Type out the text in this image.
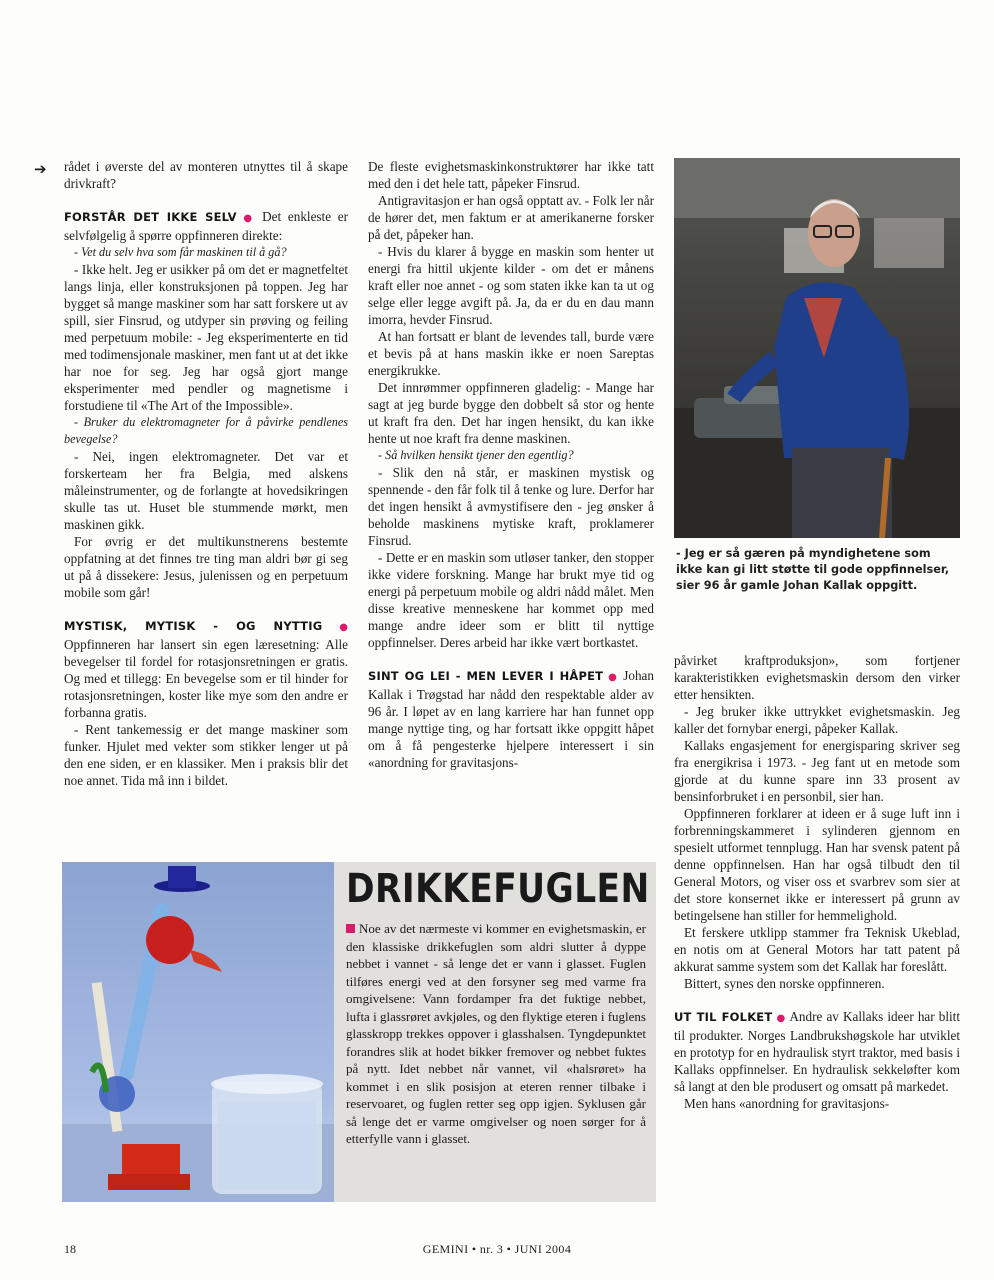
➔ rådet i øverste del av monteren utnyttes til å skape drivkraft?

FORSTÅR DET IKKE SELV ● Det enkleste er selvfølgelig å spørre oppfinneren direkte:

- Vet du selv hva som får maskinen til å gå?

- Ikke helt. Jeg er usikker på om det er magnetfeltet langs linja, eller konstruksjonen på toppen. Jeg har bygget så mange maskiner som har satt forskere ut av spill, sier Finsrud, og utdyper sin prøving og feiling med perpetuum mobile: - Jeg eksperimenterte en tid med todimensjonale maskiner, men fant ut at det ikke har noe for seg. Jeg har også gjort mange eksperimenter med pendler og magnetisme i forstudiene til «The Art of the Impossible».

- Bruker du elektromagneter for å påvirke pendlenes bevegelse?

- Nei, ingen elektromagneter. Det var et forskerteam her fra Belgia, med alskens måleinstrumenter, og de forlangte at hovedsikringen skulle tas ut. Huset ble stummende mørkt, men maskinen gikk.

For øvrig er det multikunstnerens bestemte oppfatning at det finnes tre ting man aldri bør gi seg ut på å dissekere: Jesus, julenissen og en perpetuum mobile som går!

MYSTISK, MYTISK - OG NYTTIG ● Oppfinneren har lansert sin egen læresetning: Alle bevegelser til fordel for rotasjonsretningen er gratis. Og med et tillegg: En bevegelse som er til hinder for rotasjonsretningen, koster like mye som den andre er forbanna gratis.

- Rent tankemessig er det mange maskiner som funker. Hjulet med vekter som stikker lenger ut på den ene siden, er en klassiker. Men i praksis blir det noe annet. Tida må inn i bildet.

De fleste evighetsmaskinkonstruktører har ikke tatt med den i det hele tatt, påpeker Finsrud.

Antigravitasjon er han også opptatt av. - Folk ler når de hører det, men faktum er at amerikanerne forsker på det, påpeker han.

- Hvis du klarer å bygge en maskin som henter ut energi fra hittil ukjente kilder - om det er månens kraft eller noe annet - og som staten ikke kan ta ut og selge eller legge avgift på. Ja, da er du en dau mann imorra, hevder Finsrud.

At han fortsatt er blant de levendes tall, burde være et bevis på at hans maskin ikke er noen Sareptas energikrukke.

Det innrømmer oppfinneren gladelig: - Mange har sagt at jeg burde bygge den dobbelt så stor og hente ut kraft fra den. Det har ingen hensikt, du kan ikke hente ut noe kraft fra denne maskinen.

- Så hvilken hensikt tjener den egentlig?

- Slik den nå står, er maskinen mystisk og spennende - den får folk til å tenke og lure. Derfor har det ingen hensikt å avmystifisere den - jeg ønsker å beholde maskinens mytiske kraft, proklamerer Finsrud.

- Dette er en maskin som utløser tanker, den stopper ikke videre forskning. Mange har brukt mye tid og energi på perpetuum mobile og aldri nådd målet. Men disse kreative menneskene har kommet opp med mange andre ideer som er blitt til nyttige oppfinnelser. Deres arbeid har ikke vært bortkastet.

SINT OG LEI - MEN LEVER I HÅPET ● Johan Kallak i Trøgstad har nådd den respektable alder av 96 år. I løpet av en lang karriere har han funnet opp mange nyttige ting, og har fortsatt ikke oppgitt håpet om å få pengesterke hjelpere interessert i sin «anordning for gravitasjons-

- Jeg er så gæren på myndighetene som ikke kan gi litt støtte til gode oppfinnelser, sier 96 år gamle Johan Kallak oppgitt.

påvirket kraftproduksjon», som fortjener karakteristikken evighetsmaskin dersom den virker etter hensikten.

- Jeg bruker ikke uttrykket evighetsmaskin. Jeg kaller det fornybar energi, påpeker Kallak.

Kallaks engasjement for energisparing skriver seg fra energikrisa i 1973. - Jeg fant ut en metode som gjorde at du kunne spare inn 33 prosent av bensinforbruket i en personbil, sier han.

Oppfinneren forklarer at ideen er å suge luft inn i forbrenningskammeret i sylinderen gjennom en spesielt utformet tennplugg. Han har svensk patent på denne oppfinnelsen. Han har også tilbudt den til General Motors, og viser oss et svarbrev som sier at det store konsernet ikke er interessert på grunn av betingelsene han stiller for hemmelighold.

Et ferskere utklipp stammer fra Teknisk Ukeblad, en notis om at General Motors har tatt patent på akkurat samme system som det Kallak har foreslått.

Bittert, synes den norske oppfinneren.

UT TIL FOLKET ● Andre av Kallaks ideer har blitt til produkter. Norges Landbrukshøgskole har utviklet en prototyp for en hydraulisk styrt traktor, med basis i Kallaks oppfinnelser. En hydraulisk sekkeløfter kom så langt at den ble produsert og omsatt på markedet.

Men hans «anordning for gravitasjons-

DRIKKEFUGLEN
Noe av det nærmeste vi kommer en evighetsmaskin, er den klassiske drikkefuglen som aldri slutter å dyppe nebbet i vannet - så lenge det er vann i glasset. Fuglen tilføres energi ved at den forsyner seg med varme fra omgivelsene: Vann fordamper fra det fuktige nebbet, lufta i glassrøret avkjøles, og den flyktige eteren i fuglens glasskropp trekkes oppover i glasshalsen. Tyngdepunktet forandres slik at hodet bikker fremover og nebbet fuktes på nytt. Idet nebbet når vannet, vil «halsrøret» ha kommet i en slik posisjon at eteren renner tilbake i reservoaret, og fuglen retter seg opp igjen. Syklusen går så lenge det er varme omgivelser og noen sørger for å etterfylle vann i glasset.
18	GEMINI • nr. 3 • JUNI 2004
